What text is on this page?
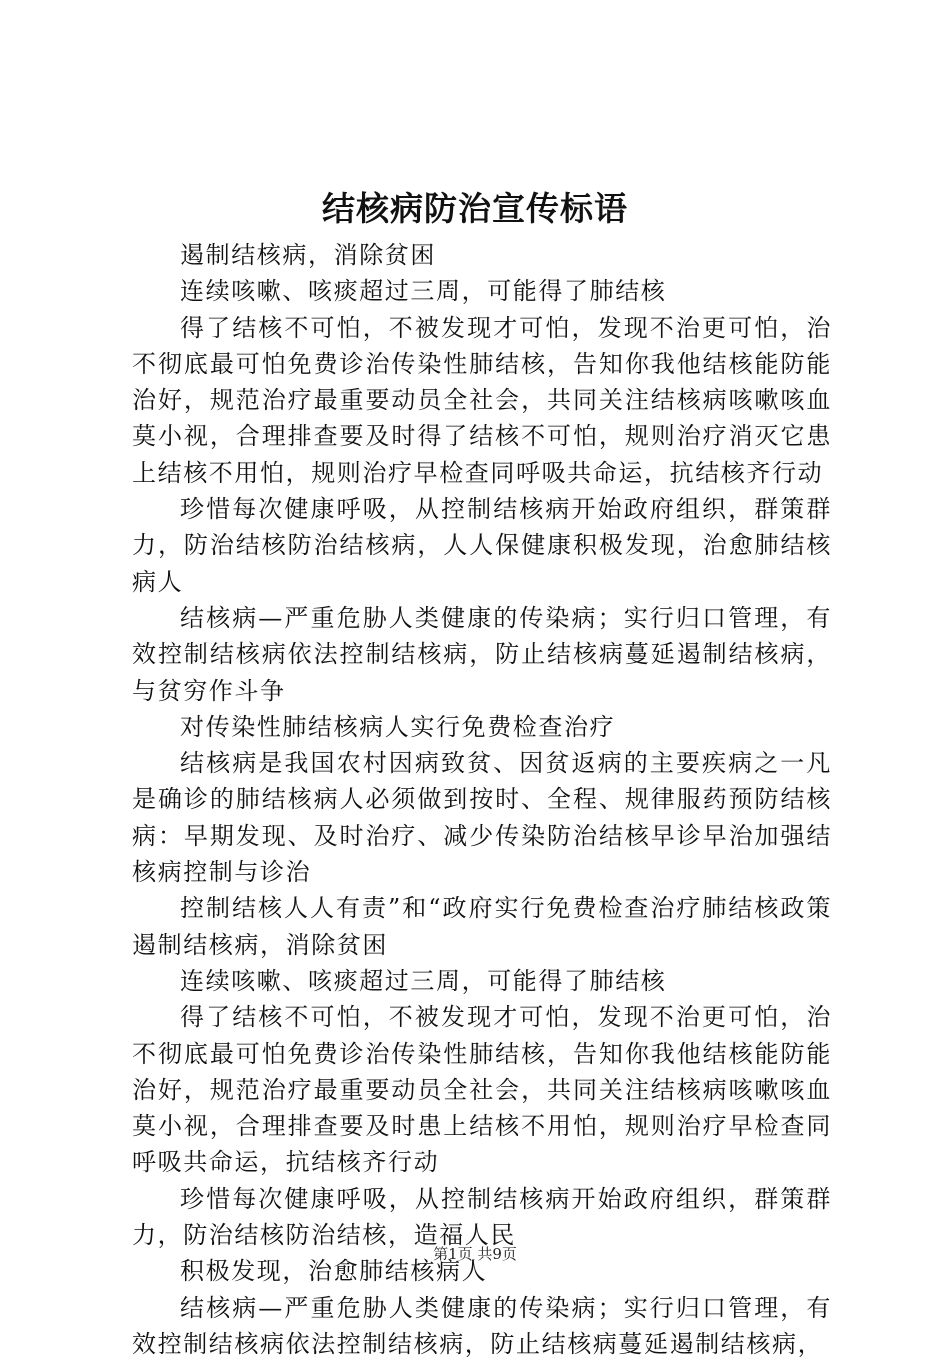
结核病防治宣传标语

遏制结核病，消除贫困

连续咳嗽、咳痰超过三周，可能得了肺结核

得了结核不可怕，不被发现才可怕，发现不治更可怕，治不彻底最可怕免费诊治传染性肺结核，告知你我他结核能防能治好，规范治疗最重要动员全社会，共同关注结核病咳嗽咳血莫小视，合理排查要及时得了结核不可怕，规则治疗消灭它患上结核不用怕，规则治疗早检查同呼吸共命运，抗结核齐行动

珍惜每次健康呼吸，从控制结核病开始政府组织，群策群力，防治结核防治结核病，人人保健康积极发现，治愈肺结核病人

结核病—严重危胁人类健康的传染病；实行归口管理，有效控制结核病依法控制结核病，防止结核病蔓延遏制结核病，与贫穷作斗争

对传染性肺结核病人实行免费检查治疗

结核病是我国农村因病致贫、因贫返病的主要疾病之一凡是确诊的肺结核病人必须做到按时、全程、规律服药预防结核病：早期发现、及时治疗、减少传染防治结核早诊早治加强结核病控制与诊治

控制结核人人有责”和“政府实行免费检查治疗肺结核政策遏制结核病，消除贫困

连续咳嗽、咳痰超过三周，可能得了肺结核

得了结核不可怕，不被发现才可怕，发现不治更可怕，治不彻底最可怕免费诊治传染性肺结核，告知你我他结核能防能治好，规范治疗最重要动员全社会，共同关注结核病咳嗽咳血莫小视，合理排查要及时患上结核不用怕，规则治疗早检查同呼吸共命运，抗结核齐行动

珍惜每次健康呼吸，从控制结核病开始政府组织，群策群力，防治结核防治结核，造福人民

积极发现，治愈肺结核病人

结核病—严重危胁人类健康的传染病；实行归口管理，有效控制结核病依法控制结核病，防止结核病蔓延遏制结核病，

第1页 共9页
